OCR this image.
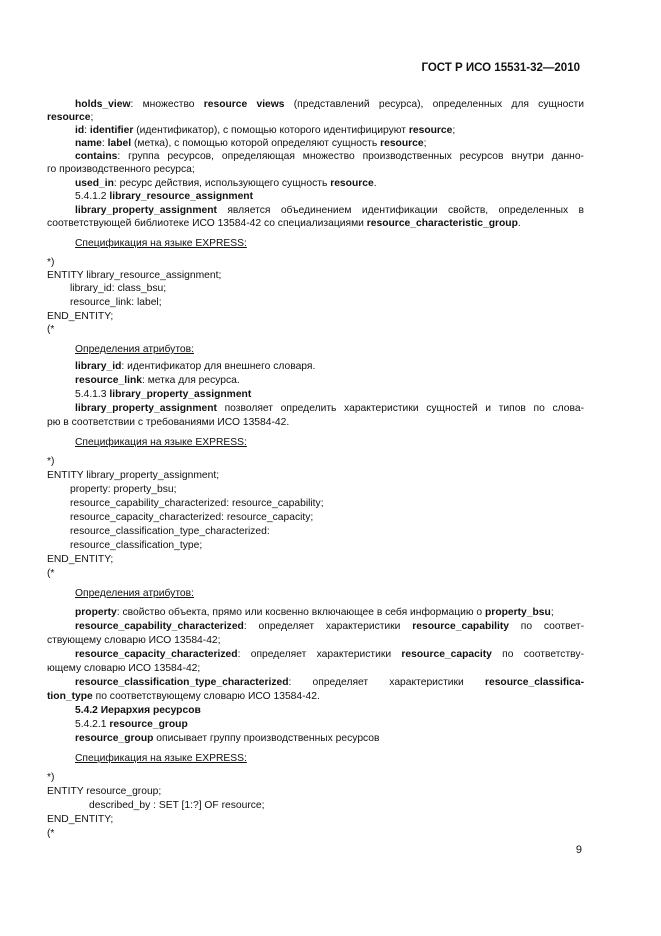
ГОСТ Р ИСО 15531-32—2010
holds_view: множество resource views (представлений ресурса), определенных для сущности
resource;
id: identifier (идентификатор), с помощью которого идентифицируют resource;
name: label (метка), с помощью которой определяют сущность resource;
contains: группа ресурсов, определяющая множество производственных ресурсов внутри данно-
го производственного ресурса;
used_in: ресурс действия, использующего сущность resource.
5.4.1.2 library_resource_assignment
library_property_assignment является объединением идентификации свойств, определенных в
соответствующей библиотеке ИСО 13584-42 со специализациями resource_characteristic_group.
Спецификация на языке EXPRESS:
*)
ENTITY library_resource_assignment;
library_id: class_bsu;
resource_link: label;
END_ENTITY;
(*
Определения атрибутов:
library_id: идентификатор для внешнего словаря.
resource_link: метка для ресурса.
5.4.1.3 library_property_assignment
library_property_assignment позволяет определить характеристики сущностей и типов по слова-
рю в соответствии с требованиями ИСО 13584-42.
Спецификация на языке EXPRESS:
*)
ENTITY library_property_assignment;
property: property_bsu;
resource_capability_characterized: resource_capability;
resource_capacity_characterized: resource_capacity;
resource_classification_type_characterized:
resource_classification_type;
END_ENTITY;
(*
Определения атрибутов:
property: свойство объекта, прямо или косвенно включающее в себя информацию о property_bsu;
resource_capability_characterized: определяет характеристики resource_capability по соответ-
ствующему словарю ИСО 13584-42;
resource_capacity_characterized: определяет характеристики resource_capacity по соответству-
ющему словарю ИСО 13584-42;
resource_classification_type_characterized: определяет характеристики resource_classifica-
tion_type по соответствующему словарю ИСО 13584-42.
5.4.2 Иерархия ресурсов
5.4.2.1 resource_group
resource_group описывает группу производственных ресурсов
Спецификация на языке EXPRESS:
*)
ENTITY resource_group;
described_by : SET [1:?] OF resource;
END_ENTITY;
(*
9
